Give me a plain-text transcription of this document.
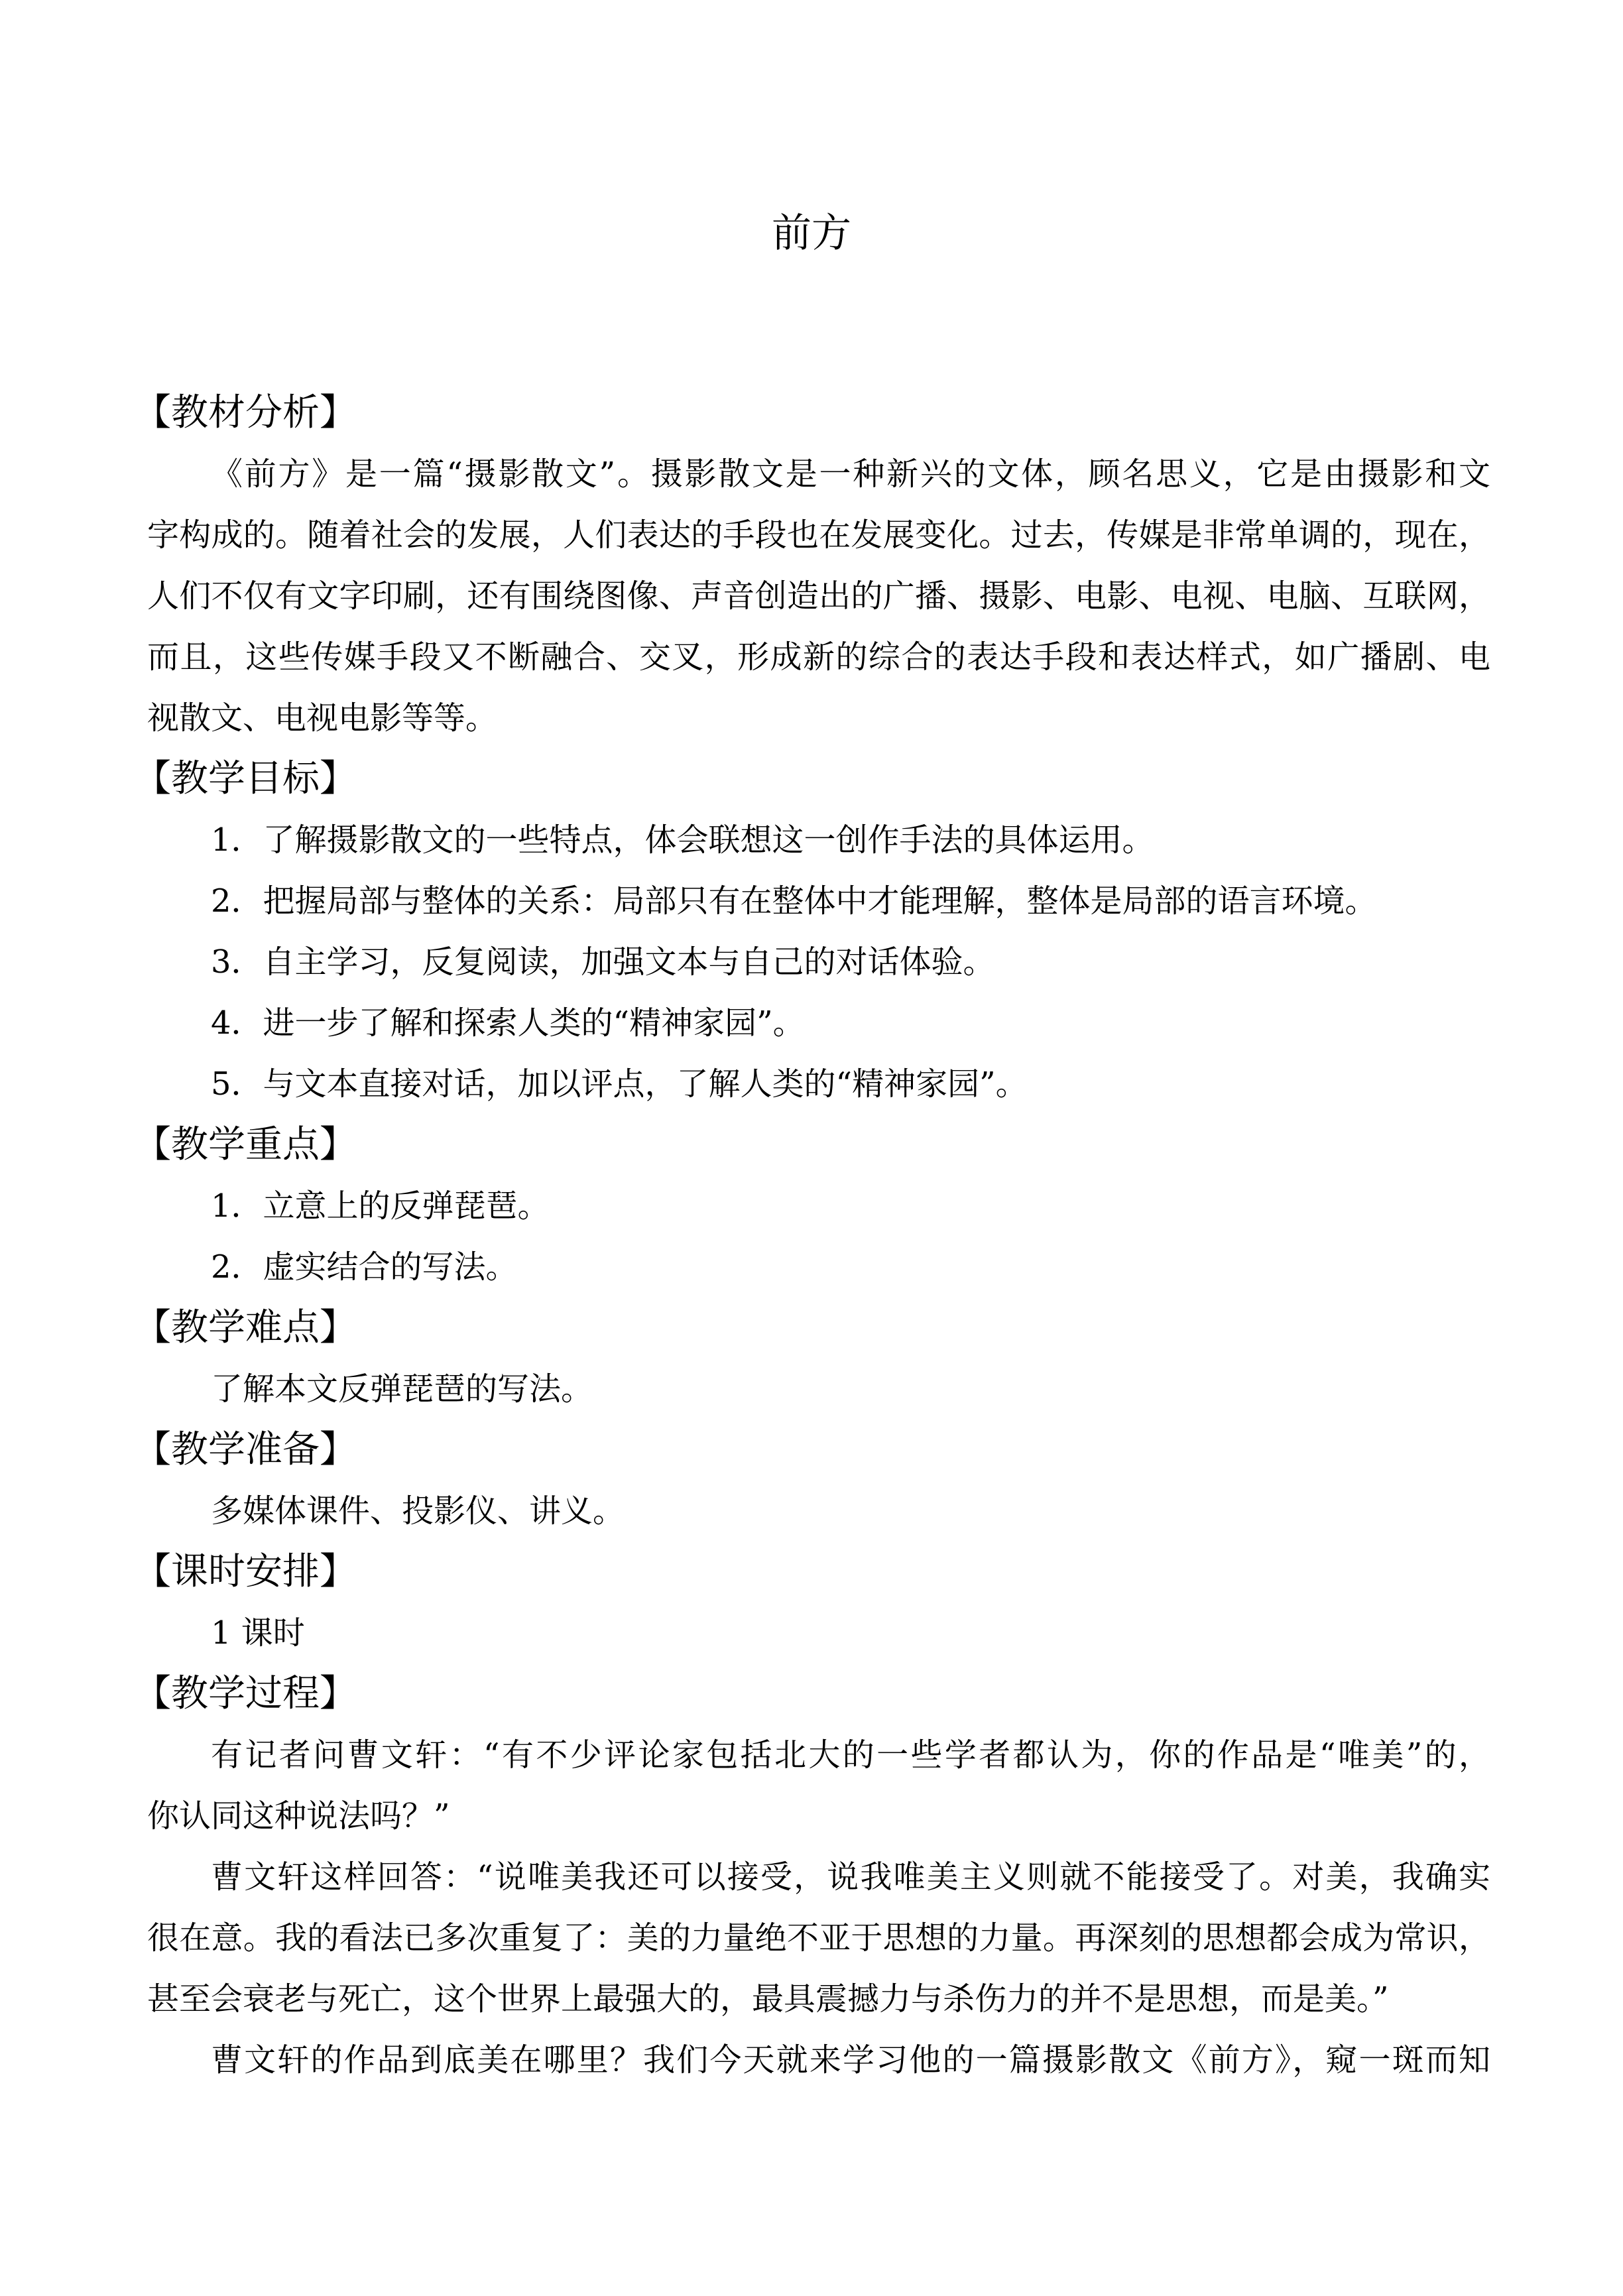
前方
【教材分析】
《前方》是一篇“摄影散文”。摄影散文是一种新兴的文体，顾名思义，它是由摄影和文
字构成的。随着社会的发展，人们表达的手段也在发展变化。过去，传媒是非常单调的，现在，
人们不仅有文字印刷，还有围绕图像、声音创造出的广播、摄影、电影、电视、电脑、互联网，
而且，这些传媒手段又不断融合、交叉，形成新的综合的表达手段和表达样式，如广播剧、电
视散文、电视电影等等。
【教学目标】
1．了解摄影散文的一些特点，体会联想这一创作手法的具体运用。
2．把握局部与整体的关系：局部只有在整体中才能理解，整体是局部的语言环境。
3．自主学习，反复阅读，加强文本与自己的对话体验。
4．进一步了解和探索人类的“精神家园”。
5．与文本直接对话，加以评点，了解人类的“精神家园”。
【教学重点】
1．立意上的反弹琵琶。
2．虚实结合的写法。
【教学难点】
了解本文反弹琵琶的写法。
【教学准备】
多媒体课件、投影仪、讲义。
【课时安排】
1 课时
【教学过程】
有记者问曹文轩：“有不少评论家包括北大的一些学者都认为，你的作品是“唯美”的，
你认同这种说法吗？”
曹文轩这样回答：“说唯美我还可以接受，说我唯美主义则就不能接受了。对美，我确实
很在意。我的看法已多次重复了：美的力量绝不亚于思想的力量。再深刻的思想都会成为常识，
甚至会衰老与死亡，这个世界上最强大的，最具震撼力与杀伤力的并不是思想，而是美。”
曹文轩的作品到底美在哪里？我们今天就来学习他的一篇摄影散文《前方》，窥一斑而知
